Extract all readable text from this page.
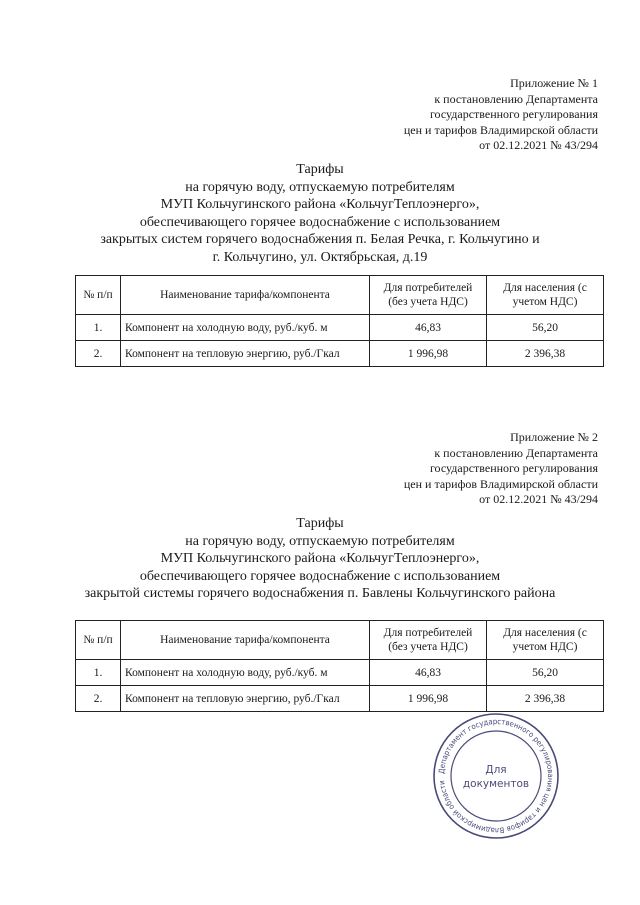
Приложение № 1
к постановлению Департамента
государственного регулирования
цен и тарифов Владимирской области
от 02.12.2021 № 43/294
Тарифы
на горячую воду, отпускаемую потребителям
МУП Кольчугинского района «КольчугТеплоэнерго»,
обеспечивающего горячее водоснабжение с использованием
закрытых систем горячего водоснабжения п. Белая Речка, г. Кольчугино и
г. Кольчугино, ул. Октябрьская, д.19
№ п/п	Наименование тарифа/компонента	Для потребителей (без учета НДС)	Для населения (с учетом НДС)
1.	Компонент на холодную воду, руб./куб. м	46,83	56,20
2.	Компонент на тепловую энергию, руб./Гкал	1 996,98	2 396,38
Приложение № 2
к постановлению Департамента
государственного регулирования
цен и тарифов Владимирской области
от 02.12.2021 № 43/294
Тарифы
на горячую воду, отпускаемую потребителям
МУП Кольчугинского района «КольчугТеплоэнерго»,
обеспечивающего горячее водоснабжение с использованием
закрытой системы горячего водоснабжения п. Бавлены Кольчугинского района
№ п/п	Наименование тарифа/компонента	Для потребителей (без учета НДС)	Для населения (с учетом НДС)
1.	Компонент на холодную воду, руб./куб. м	46,83	56,20
2.	Компонент на тепловую энергию, руб./Гкал	1 996,98	2 396,38
Департамент государственного регулирования цен и тарифов Владимирской области
Для
документов
